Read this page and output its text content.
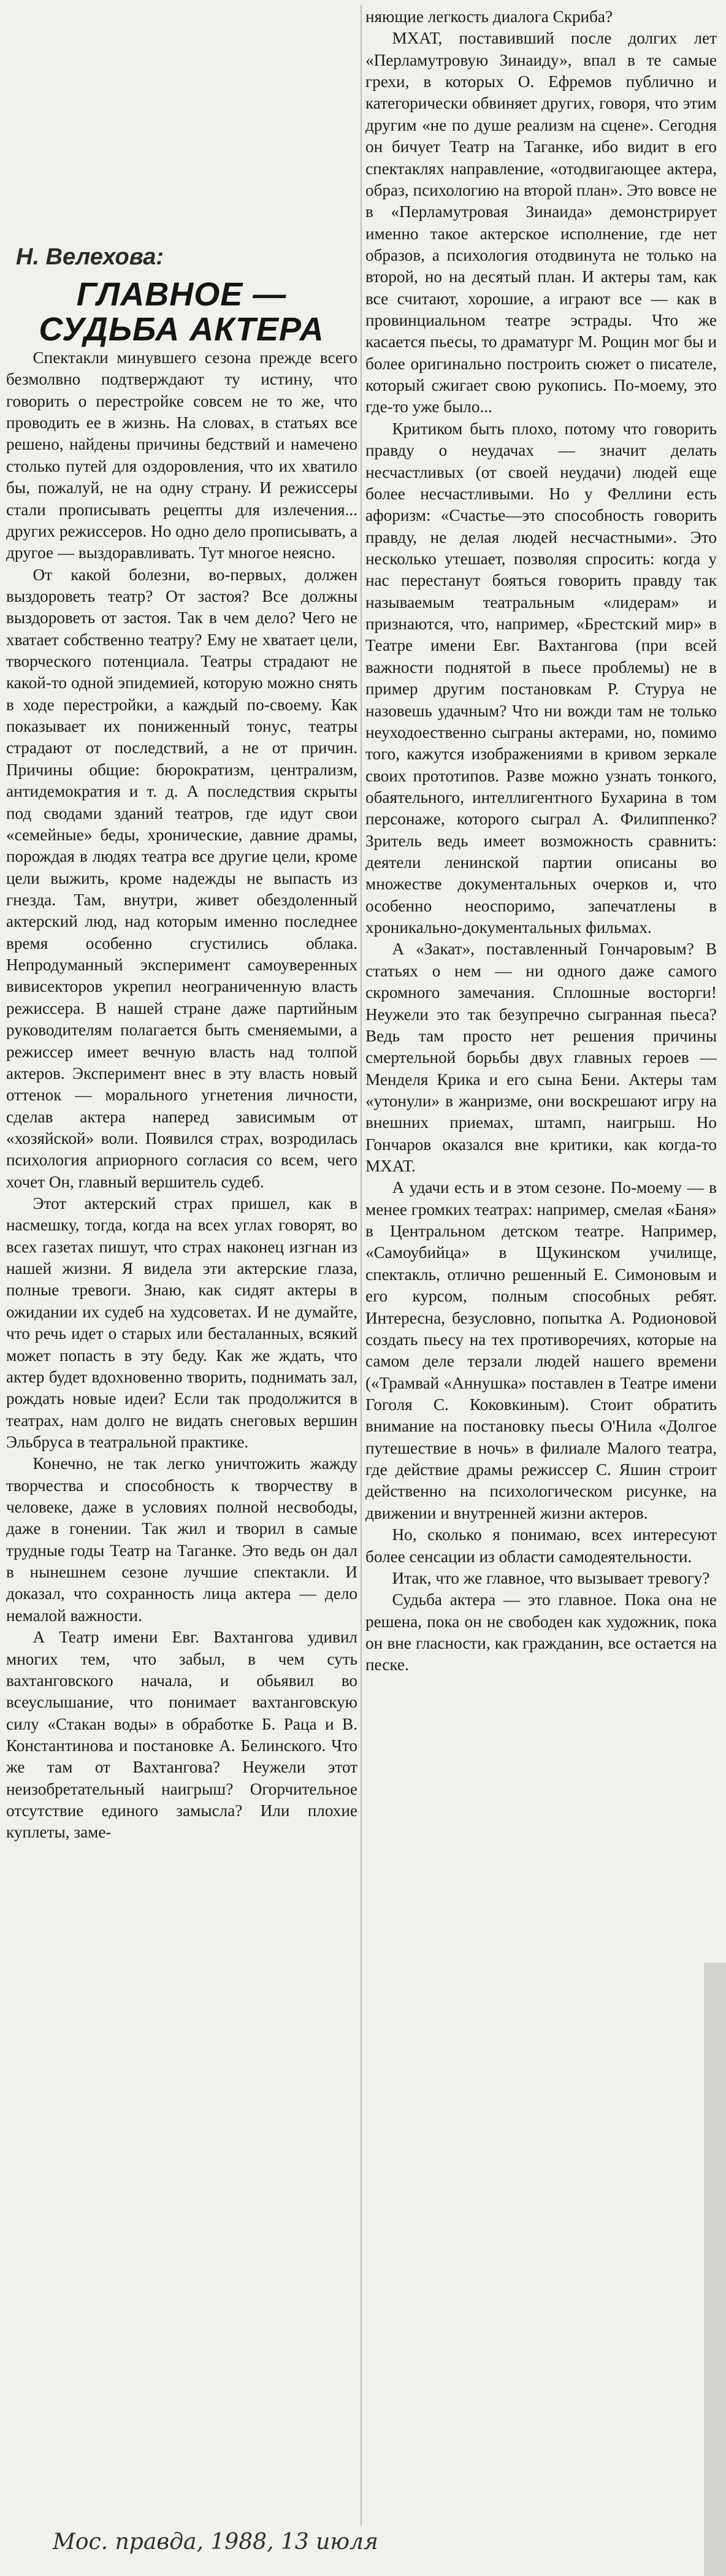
Н. Велехова:
ГЛАВНОЕ —
СУДЬБА АКТЕРА

Спектакли минувшего сезона прежде всего безмолвно подтверждают ту истину, что говорить о перестройке совсем не то же, что проводить ее в жизнь. На словах, в статьях все решено, найдены причины бедствий и намечено столько путей для оздоровления, что их хватило бы, пожалуй, не на одну страну. И режиссеры стали прописывать рецепты для излечения... других режиссеров. Но одно дело прописывать, а другое — выздоравливать. Тут многое неясно.

От какой болезни, во-первых, должен выздороветь театр? От застоя? Все должны выздороветь от застоя. Так в чем дело? Чего не хватает собственно театру? Ему не хватает цели, творческого потенциала. Театры страдают не какой-то одной эпидемией, которую можно снять в ходе перестройки, а каждый по-своему. Как показывает их пониженный тонус, театры страдают от последствий, а не от причин. Причины общие: бюрократизм, централизм, антидемократия и т. д. А последствия скрыты под сводами зданий театров, где идут свои «семейные» беды, хронические, давние драмы, порождая в людях театра все другие цели, кроме цели выжить, кроме надежды не выпасть из гнезда. Там, внутри, живет обездоленный актерский люд, над которым именно последнее время особенно сгустились облака. Непродуманный эксперимент самоуверенных вивисекторов укрепил неограниченную власть режиссера. В нашей стране даже партийным руководителям полагается быть сменяемыми, а режиссер имеет вечную власть над толпой актеров. Эксперимент внес в эту власть новый оттенок — морального угнетения личности, сделав актера наперед зависимым от «хозяйской» воли. Появился страх, возродилась психология априорного согласия со всем, чего хочет Он, главный вершитель судеб.

Этот актерский страх пришел, как в насмешку, тогда, когда на всех углах говорят, во всех газетах пишут, что страх наконец изгнан из нашей жизни. Я видела эти актерские глаза, полные тревоги. Знаю, как сидят актеры в ожидании их судеб на худсоветах. И не думайте, что речь идет о старых или бесталанных, всякий может попасть в эту беду. Как же ждать, что актер будет вдохновенно творить, поднимать зал, рождать новые идеи? Если так продолжится в театрах, нам долго не видать снеговых вершин Эльбруса в театральной практике.

Конечно, не так легко уничтожить жажду творчества и способность к творчеству в человеке, даже в условиях полной несвободы, даже в гонении. Так жил и творил в самые трудные годы Театр на Таганке. Это ведь он дал в нынешнем сезоне лучшие спектакли. И доказал, что сохранность лица актера — дело немалой важности.

А Театр имени Евг. Вахтангова удивил многих тем, что забыл, в чем суть вахтанговского начала, и обьявил во всеуслышание, что понимает вахтанговскую силу «Стакан воды» в обработке Б. Раца и В. Константинова и постановке А. Белинского. Что же там от Вахтангова? Неужели этот неизобретательный наигрыш? Огорчительное отсутствие единого замысла? Или плохие куплеты, заме-

няющие легкость диалога Скриба?

МХАТ, поставивший после долгих лет «Перламутровую Зинаиду», впал в те самые грехи, в которых О. Ефремов публично и категорически обвиняет других, говоря, что этим другим «не по душе реализм на сцене». Сегодня он бичует Театр на Таганке, ибо видит в его спектаклях направление, «отодвигающее актера, образ, психологию на второй план». Это вовсе не в «Перламутровая Зинаида» демонстрирует именно такое актерское исполнение, где нет образов, а психология отодвинута не только на второй, но на десятый план. И актеры там, как все считают, хорошие, а играют все — как в провинциальном театре эстрады. Что же касается пьесы, то драматург М. Рощин мог бы и более оригинально построить сюжет о писателе, который сжигает свою рукопись. По-моему, это где-то уже было...

Критиком быть плохо, потому что говорить правду о неудачах — значит делать несчастливых (от своей неудачи) людей еще более несчастливыми. Но у Феллини есть афоризм: «Счастье—это способность говорить правду, не делая людей несчастными». Это несколько утешает, позволяя спросить: когда у нас перестанут бояться говорить правду так называемым театральным «лидерам» и признаются, что, например, «Брестский мир» в Театре имени Евг. Вахтангова (при всей важности поднятой в пьесе проблемы) не в пример другим постановкам Р. Стуруа не назовешь удачным? Что ни вожди там не только неуходоественно сыграны актерами, но, помимо того, кажутся изображениями в кривом зеркале своих прототипов. Разве можно узнать тонкого, обаятельного, интеллигентного Бухарина в том персонаже, которого сыграл А. Филиппенко? Зритель ведь имеет возможность сравнить: деятели ленинской партии описаны во множестве документальных очерков и, что особенно неоспоримо, запечатлены в хроникально-документальных фильмах.

А «Закат», поставленный Гончаровым? В статьях о нем — ни одного даже самого скромного замечания. Сплошные восторги! Неужели это так безупречно сыгранная пьеса? Ведь там просто нет решения причины смертельной борьбы двух главных героев — Менделя Крика и его сына Бени. Актеры там «утонули» в жанризме, они воскрешают игру на внешних приемах, штамп, наигрыш. Но Гончаров оказался вне критики, как когда-то МХАТ.

А удачи есть и в этом сезоне. По-моему — в менее громких театрах: например, смелая «Баня» в Центральном детском театре. Например, «Самоубийца» в Щукинском училище, спектакль, отлично решенный Е. Симоновым и его курсом, полным способных ребят. Интересна, безусловно, попытка А. Родионовой создать пьесу на тех противоречиях, которые на самом деле терзали людей нашего времени («Трамвай «Аннушка» поставлен в Театре имени Гоголя С. Коковкиным). Стоит обратить внимание на постановку пьесы О'Нила «Долгое путешествие в ночь» в филиале Малого театра, где действие драмы режиссер С. Яшин строит действенно на психологическом рисунке, на движении и внутренней жизни актеров.

Но, сколько я понимаю, всех интересуют более сенсации из области самодеятельности.

Итак, что же главное, что вызывает тревогу?

Судьба актера — это главное. Пока она не решена, пока он не свободен как художник, пока он вне гласности, как гражданин, все остается на песке.

Мос. правда, 1988, 13 июля
